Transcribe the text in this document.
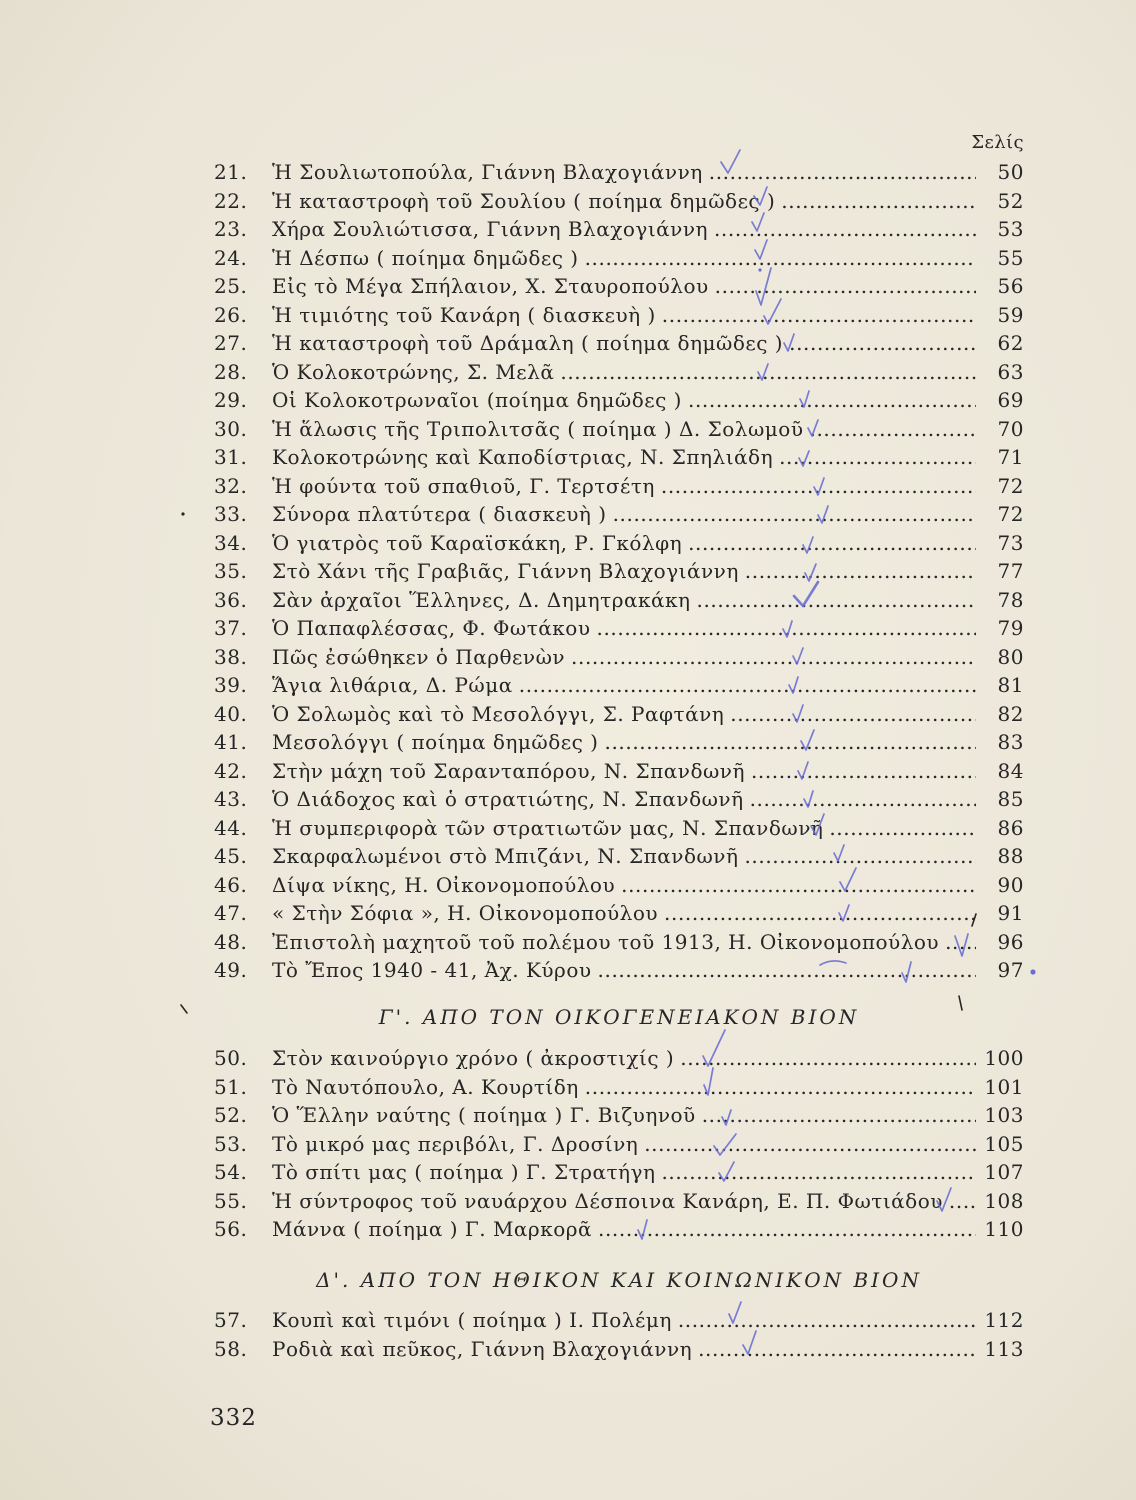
Σελίς
21.	Ἡ Σουλιωτοπούλα, Γιάννη Βλαχογιάννη .....	50
22.	Ἡ καταστροφὴ τοῦ Σουλίου ( ποίημα δημῶδες ) .....	52
23.	Χήρα Σουλιώτισσα, Γιάννη Βλαχογιάννη .....	53
24.	Ἡ Δέσπω ( ποίημα δημῶδες ) .....	55
25.	Εἰς τὸ Μέγα Σπήλαιον, Χ. Σταυροπούλου .....	56
26.	Ἡ τιμιότης τοῦ Κανάρη ( διασκευὴ ) .....	59
27.	Ἡ καταστροφὴ τοῦ Δράμαλη ( ποίημα δημῶδες ) .....	62
28.	Ὁ Κολοκοτρώνης, Σ. Μελᾶ .....	63
29.	Οἱ Κολοκοτρωναῖοι (ποίημα δημῶδες ) .....	69
30.	Ἡ ἅλωσις τῆς Τριπολιτσᾶς ( ποίημα ) Δ. Σολωμοῦ .....	70
31.	Κολοκοτρώνης καὶ Καποδίστριας, Ν. Σπηλιάδη .....	71
32.	Ἡ φούντα τοῦ σπαθιοῦ, Γ. Τερτσέτη .....	72
33.	Σύνορα πλατύτερα ( διασκευὴ ) .....	72
34.	Ὁ γιατρὸς τοῦ Καραϊσκάκη, Ρ. Γκόλφη .....	73
35.	Στὸ Χάνι τῆς Γραβιᾶς, Γιάννη Βλαχογιάννη .....	77
36.	Σὰν ἀρχαῖοι Ἕλληνες, Δ. Δημητρακάκη .....	78
37.	Ὁ Παπαφλέσσας, Φ. Φωτάκου .....	79
38.	Πῶς ἐσώθηκεν ὁ Παρθενὼν .....	80
39.	Ἅγια λιθάρια, Δ. Ρώμα .....	81
40.	Ὁ Σολωμὸς καὶ τὸ Μεσολόγγι, Σ. Ραφτάνη .....	82
41.	Μεσολόγγι ( ποίημα δημῶδες ) .....	83
42.	Στὴν μάχη τοῦ Σαρανταπόρου, Ν. Σπανδωνῆ .....	84
43.	Ὁ Διάδοχος καὶ ὁ στρατιώτης, Ν. Σπανδωνῆ .....	85
44.	Ἡ συμπεριφορὰ τῶν στρατιωτῶν μας, Ν. Σπανδωνῆ .....	86
45.	Σκαρφαλωμένοι στὸ Μπιζάνι, Ν. Σπανδωνῆ .....	88
46.	Δίψα νίκης, Η. Οἰκονομοπούλου .....	90
47.	« Στὴν Σόφια », Η. Οἰκονομοπούλου .....	91
48.	Ἐπιστολὴ μαχητοῦ τοῦ πολέμου τοῦ 1913, Η. Οἰκονομοπούλου .....	96
49.	Τὸ Ἔπος 1940 - 41, Ἀχ. Κύρου .....	97
Γ'. ΑΠΟ ΤΟΝ ΟΙΚΟΓΕΝΕΙΑΚΟΝ ΒΙΟΝ
50.	Στὸν καινούργιο χρόνο ( ἀκροστιχίς ) .....	100
51.	Τὸ Ναυτόπουλο, Α. Κουρτίδη .....	101
52.	Ὁ Ἕλλην ναύτης ( ποίημα ) Γ. Βιζυηνοῦ .....	103
53.	Τὸ μικρό μας περιβόλι, Γ. Δροσίνη .....	105
54.	Τὸ σπίτι μας ( ποίημα ) Γ. Στρατήγη .....	107
55.	Ἡ σύντροφος τοῦ ναυάρχου Δέσποινα Κανάρη, Ε. Π. Φωτιάδου ..... 108
56.	Μάννα ( ποίημα ) Γ. Μαρκορᾶ .....	110
Δ'. ΑΠΟ ΤΟΝ ΗΘΙΚΟΝ ΚΑΙ ΚΟΙΝΩΝΙΚΟΝ ΒΙΟΝ
57.	Κουπὶ καὶ τιμόνι ( ποίημα ) Ι. Πολέμη .....	112
58.	Ροδιὰ καὶ πεῦκος, Γιάννη Βλαχογιάννη .....	113
332
